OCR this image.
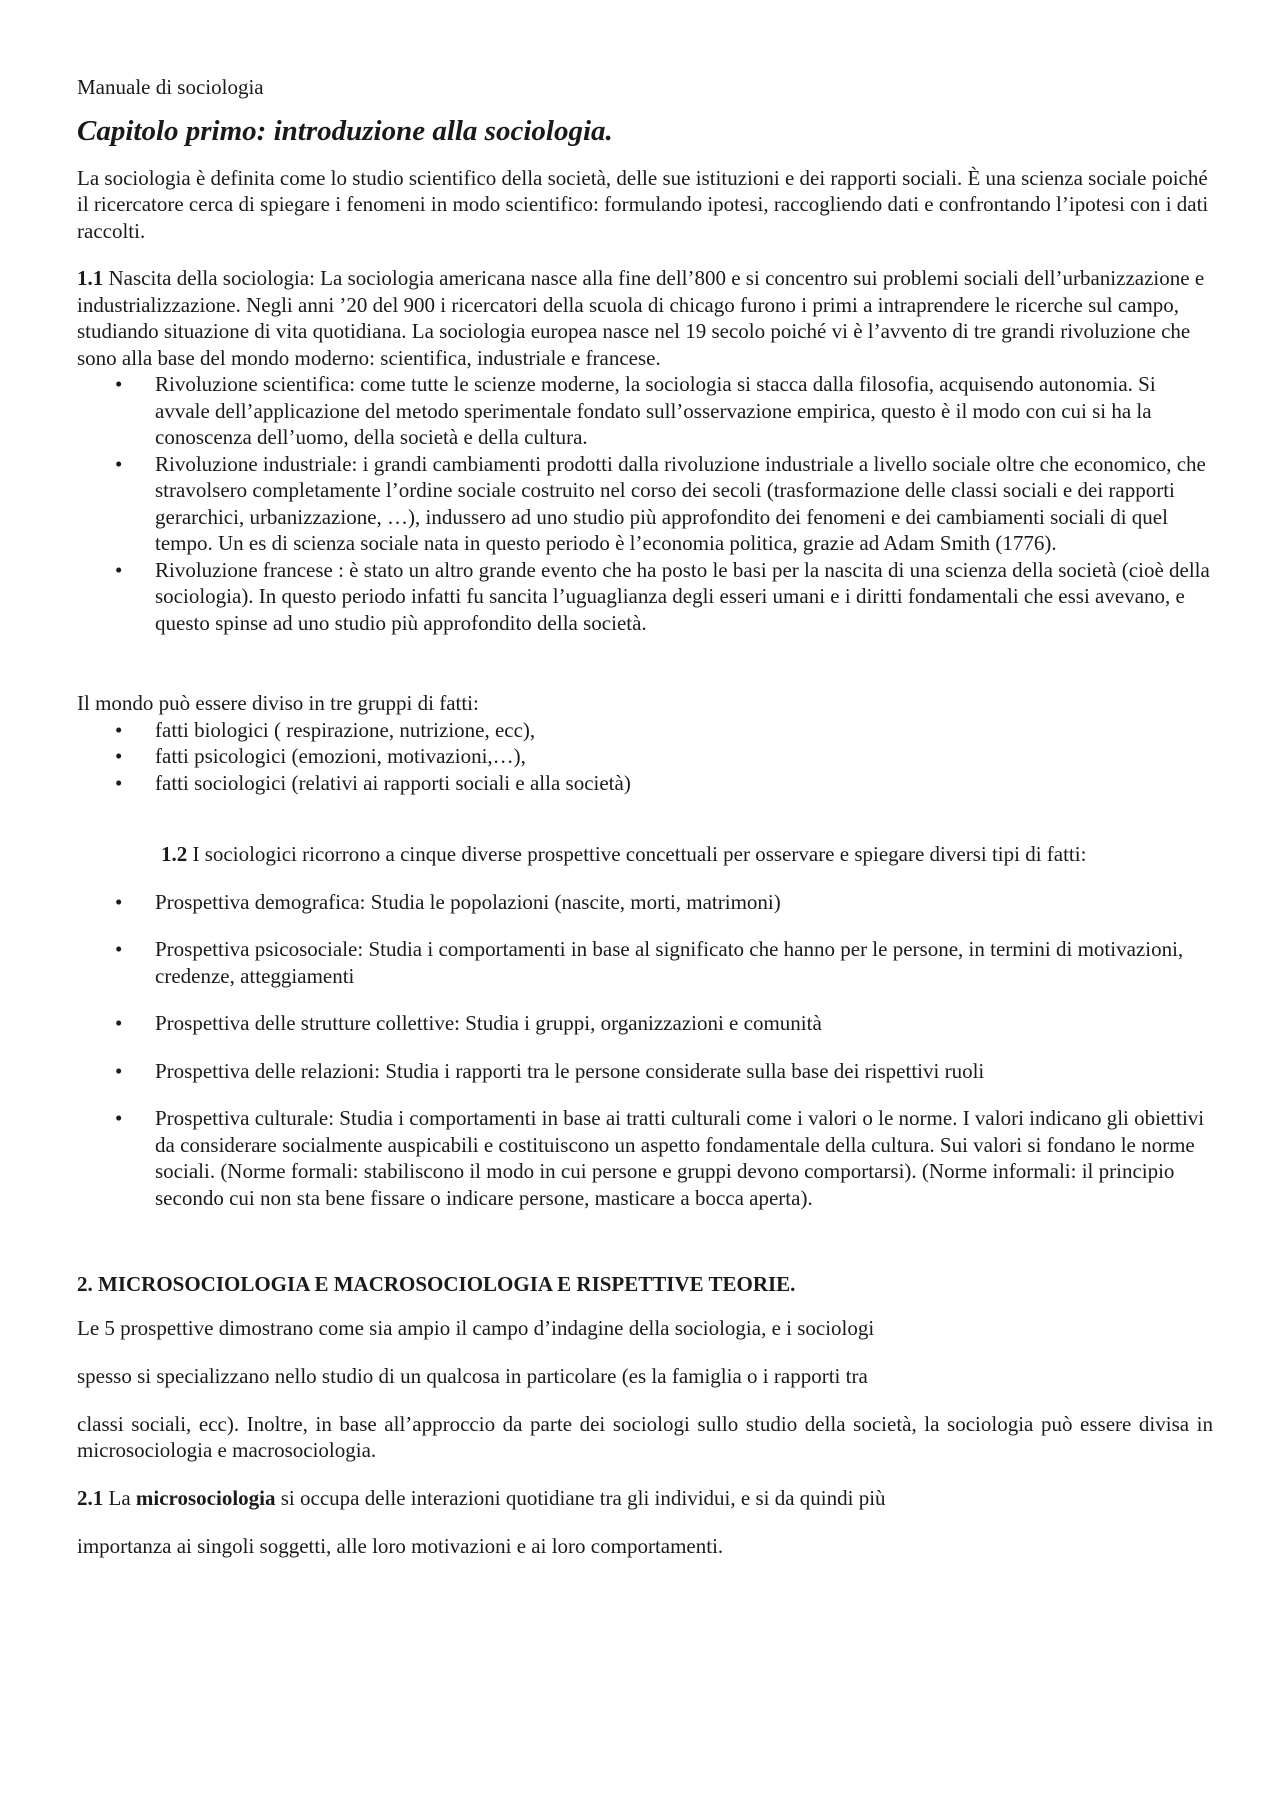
Manuale di sociologia

Capitolo primo: introduzione alla sociologia.

La sociologia è definita come lo studio scientifico della società, delle sue istituzioni e dei rapporti sociali. È una scienza sociale poiché il ricercatore cerca di spiegare i fenomeni in modo scientifico: formulando ipotesi, raccogliendo dati e confrontando l’ipotesi con i dati raccolti.

1.1 Nascita della sociologia: La sociologia americana nasce alla fine dell’800 e si concentro sui problemi sociali dell’urbanizzazione e industrializzazione. Negli anni ’20 del 900 i ricercatori della scuola di chicago furono i primi a intraprendere le ricerche sul campo, studiando situazione di vita quotidiana. La sociologia europea nasce nel 19 secolo poiché vi è l’avvento di tre grandi rivoluzione che sono alla base del mondo moderno: scientifica, industriale e francese.

• Rivoluzione scientifica: come tutte le scienze moderne, la sociologia si stacca dalla filosofia, acquisendo autonomia. Si avvale dell’applicazione del metodo sperimentale fondato sull’osservazione empirica, questo è il modo con cui si ha la conoscenza dell’uomo, della società e della cultura.
• Rivoluzione industriale: i grandi cambiamenti prodotti dalla rivoluzione industriale a livello sociale oltre che economico, che stravolsero completamente l’ordine sociale costruito nel corso dei secoli (trasformazione delle classi sociali e dei rapporti gerarchici, urbanizzazione, …), indussero ad uno studio più approfondito dei fenomeni e dei cambiamenti sociali di quel tempo. Un es di scienza sociale nata in questo periodo è l’economia politica, grazie ad Adam Smith (1776).
• Rivoluzione francese : è stato un altro grande evento che ha posto le basi per la nascita di una scienza della società (cioè della sociologia). In questo periodo infatti fu sancita l’uguaglianza degli esseri umani e i diritti fondamentali che essi avevano, e questo spinse ad uno studio più approfondito della società.

Il mondo può essere diviso in tre gruppi di fatti:

• fatti biologici ( respirazione, nutrizione, ecc),
• fatti psicologici (emozioni, motivazioni,…),
• fatti sociologici (relativi ai rapporti sociali e alla società)

1.2 I sociologici ricorrono a cinque diverse prospettive concettuali per osservare e spiegare diversi tipi di fatti:

• Prospettiva demografica: Studia le popolazioni (nascite, morti, matrimoni)
• Prospettiva psicosociale: Studia i comportamenti in base al significato che hanno per le persone, in termini di motivazioni, credenze, atteggiamenti
• Prospettiva delle strutture collettive: Studia i gruppi, organizzazioni e comunità
• Prospettiva delle relazioni: Studia i rapporti tra le persone considerate sulla base dei rispettivi ruoli
• Prospettiva culturale: Studia i comportamenti in base ai tratti culturali come i valori o le norme. I valori indicano gli obiettivi da considerare socialmente auspicabili e costituiscono un aspetto fondamentale della cultura. Sui valori si fondano le norme sociali. (Norme formali: stabiliscono il modo in cui persone e gruppi devono comportarsi). (Norme informali: il principio secondo cui non sta bene fissare o indicare persone, masticare a bocca aperta).

2. MICROSOCIOLOGIA E MACROSOCIOLOGIA E RISPETTIVE TEORIE.

Le 5 prospettive dimostrano come sia ampio il campo d’indagine della sociologia, e i sociologi

spesso si specializzano nello studio di un qualcosa in particolare (es la famiglia o i rapporti tra

classi sociali, ecc). Inoltre, in base all’approccio da parte dei sociologi sullo studio della società, la sociologia può essere divisa in microsociologia e macrosociologia.

2.1 La microsociologia si occupa delle interazioni quotidiane tra gli individui, e si da quindi più

importanza ai singoli soggetti, alle loro motivazioni e ai loro comportamenti.
